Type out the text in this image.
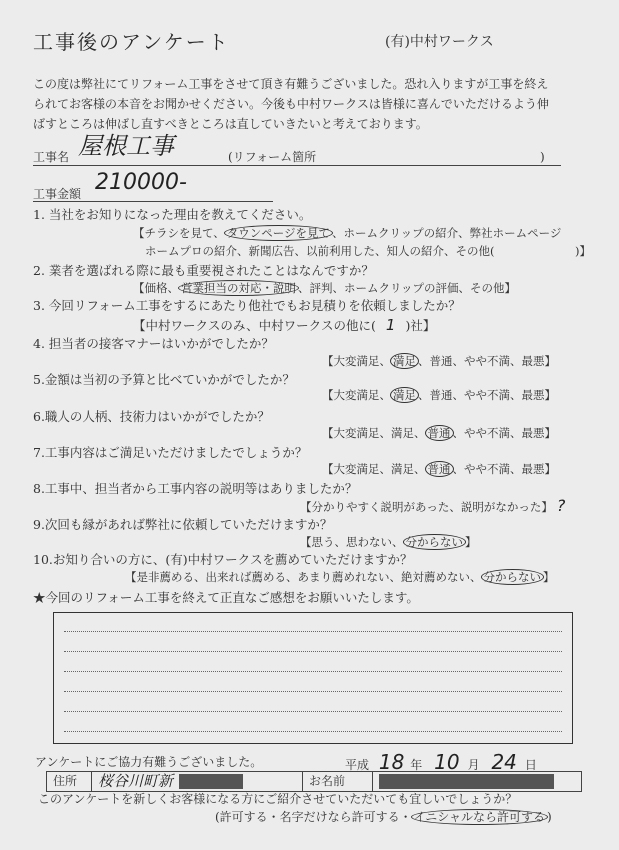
工事後のアンケート	(有)中村ワークス
この度は弊社にてリフォーム工事をさせて頂き有難うございました。恐れ入りますが工事を終え
られてお客様の本音をお聞かせください。今後も中村ワークスは皆様に喜んでいただけるよう伸
ばすところは伸ばし直すべきところは直していきたいと考えております。
工事名 屋根工事	(リフォーム箇所	)
工事金額 210000-
1. 当社をお知りになった理由を教えてください。
【チラシを見て、 タウンページを見て 、ホームクリップの紹介、弊社ホームページ
ホームプロの紹介、新聞広告、以前利用した、知人の紹介、その他(　　　　　　　)】
2. 業者を選ばれる際に最も重要視されたことはなんですか？
【価格、 営業担当の対応・説明 、評判、ホームクリップの評価、その他】
3. 今回リフォーム工事をするにあたり他社でもお見積りを依頼しましたか？
【中村ワークスのみ、中村ワークスの他に( 1 )社】
4. 担当者の接客マナーはいかがでしたか？
【大変満足、 満足 、普通、やや不満、最悪】
5.金額は当初の予算と比べていかがでしたか？
【大変満足、 満足 、普通、やや不満、最悪】
6.職人の人柄、技術力はいかがでしたか？
【大変満足、満足、 普通 、やや不満、最悪】
7.工事内容はご満足いただけましたでしょうか？
【大変満足、満足、 普通 、やや不満、最悪】
8.工事中、担当者から工事内容の説明等はありましたか？
【分かりやすく説明があった、説明がなかった】 ?
9.次回も縁があれば弊社に依頼していただけますか？
【思う、思わない、 分からない 】
10.お知り合いの方に、(有)中村ワークスを薦めていただけますか？
【是非薦める、出来れば薦める、あまり薦めれない、絶対薦めない、 分からない 】
★今回のリフォーム工事を終えて正直なご感想をお願いいたします。
アンケートにご協力有難うございました。	平成 18 年 10 月 24 日
住所	桜谷川町新	お名前
このアンケートを新しくお客様になる方にご紹介させていただいても宜しいでしょうか？
(許可する・名字だけなら許可する・ イニシャルなら許可する )
